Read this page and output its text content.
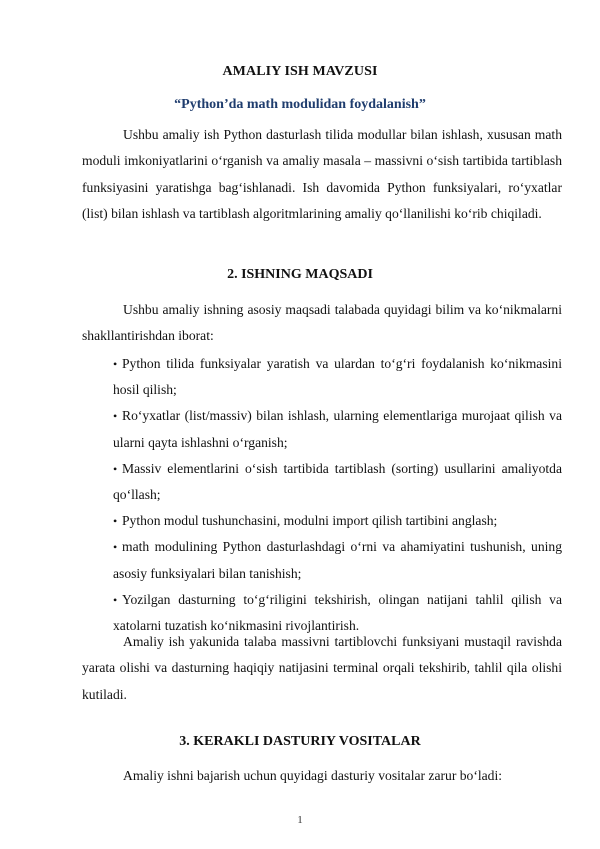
AMALIY ISH MAVZUSI
“Python’da math modulidan foydalanish”

Ushbu amaliy ish Python dasturlash tilida modullar bilan ishlash, xususan math moduli imkoniyatlarini o‘rganish va amaliy masala – massivni o‘sish tartibida tartiblash funksiyasini yaratishga bag‘ishlanadi. Ish davomida Python funksiyalari, ro‘yxatlar (list) bilan ishlash va tartiblash algoritmlarining amaliy qo‘llanilishi ko‘rib chiqiladi.

2. ISHNING MAQSADI

Ushbu amaliy ishning asosiy maqsadi talabada quyidagi bilim va ko‘nikmalarni shakllantirishdan iborat:

• Python tilida funksiyalar yaratish va ulardan to‘g‘ri foydalanish ko‘nikmasini hosil qilish;
• Ro‘yxatlar (list/massiv) bilan ishlash, ularning elementlariga murojaat qilish va ularni qayta ishlashni o‘rganish;
• Massiv elementlarini o‘sish tartibida tartiblash (sorting) usullarini amaliyotda qo‘llash;
• Python modul tushunchasini, modulni import qilish tartibini anglash;
• math modulining Python dasturlashdagi o‘rni va ahamiyatini tushunish, uning asosiy funksiyalari bilan tanishish;
• Yozilgan dasturning to‘g‘riligini tekshirish, olingan natijani tahlil qilish va xatolarni tuzatish ko‘nikmasini rivojlantirish.

Amaliy ish yakunida talaba massivni tartiblovchi funksiyani mustaqil ravishda yarata olishi va dasturning haqiqiy natijasini terminal orqali tekshirib, tahlil qila olishi kutiladi.

3. KERAKLI DASTURIY VOSITALAR

Amaliy ishni bajarish uchun quyidagi dasturiy vositalar zarur bo‘ladi:

1
